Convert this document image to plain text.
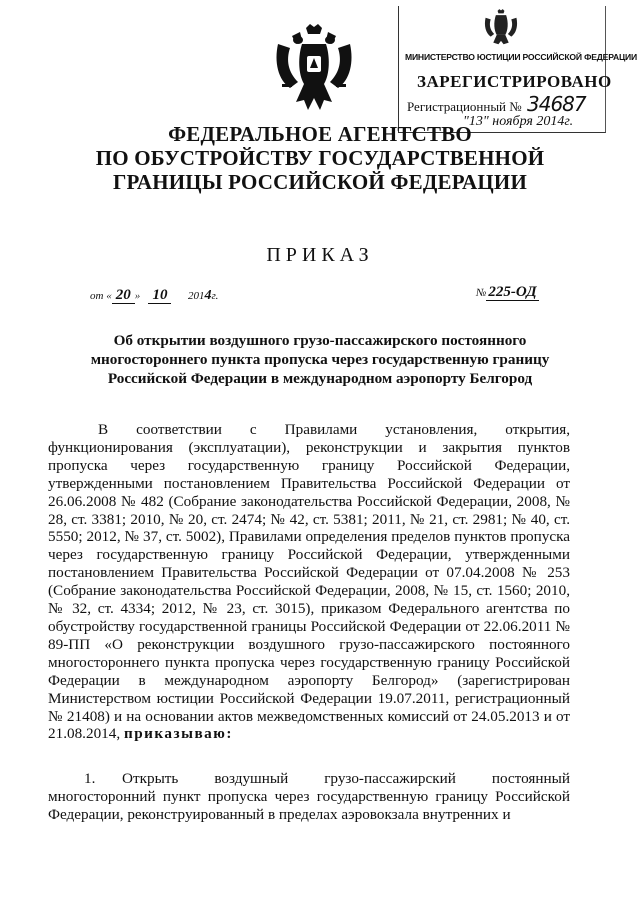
МИНИСТЕРСТВО ЮСТИЦИИ РОССИЙСКОЙ ФЕДЕРАЦИИ
ЗАРЕГИСТРИРОВАНО
Регистрационный № 34687
"13" ноября 2014г.
ФЕДЕРАЛЬНОЕ АГЕНТСТВО
ПО ОБУСТРОЙСТВУ ГОСУДАРСТВЕННОЙ
ГРАНИЦЫ РОССИЙСКОЙ ФЕДЕРАЦИИ
ПРИКАЗ
от « 20 » 10 2014г.	№ 225-ОД
Об открытии воздушного грузо-пассажирского постоянного
многостороннего пункта пропуска через государственную границу
Российской Федерации в международном аэропорту Белгород

В соответствии с Правилами установления, открытия, функционирования (эксплуатации), реконструкции и закрытия пунктов пропуска через государственную границу Российской Федерации, утвержденными постановлением Правительства Российской Федерации от 26.06.2008 № 482 (Собрание законодательства Российской Федерации, 2008, № 28, ст. 3381; 2010, № 20, ст. 2474; № 42, ст. 5381; 2011, № 21, ст. 2981; № 40, ст. 5550; 2012, № 37, ст. 5002), Правилами определения пределов пунктов пропуска через государственную границу Российской Федерации, утвержденными постановлением Правительства Российской Федерации от 07.04.2008 № 253 (Собрание законодательства Российской Федерации, 2008, № 15, ст. 1560; 2010, № 32, ст. 4334; 2012, № 23, ст. 3015), приказом Федерального агентства по обустройству государственной границы Российской Федерации от 22.06.2011 № 89-ПП «О реконструкции воздушного грузо-пассажирского постоянного многостороннего пункта пропуска через государственную границу Российской Федерации в международном аэропорту Белгород» (зарегистрирован Министерством юстиции Российской Федерации 19.07.2011, регистрационный № 21408) и на основании актов межведомственных комиссий от 24.05.2013 и от 21.08.2014, приказываю:

1. Открыть воздушный грузо-пассажирский постоянный многосторонний пункт пропуска через государственную границу Российской Федерации, реконструированный в пределах аэровокзала внутренних и
